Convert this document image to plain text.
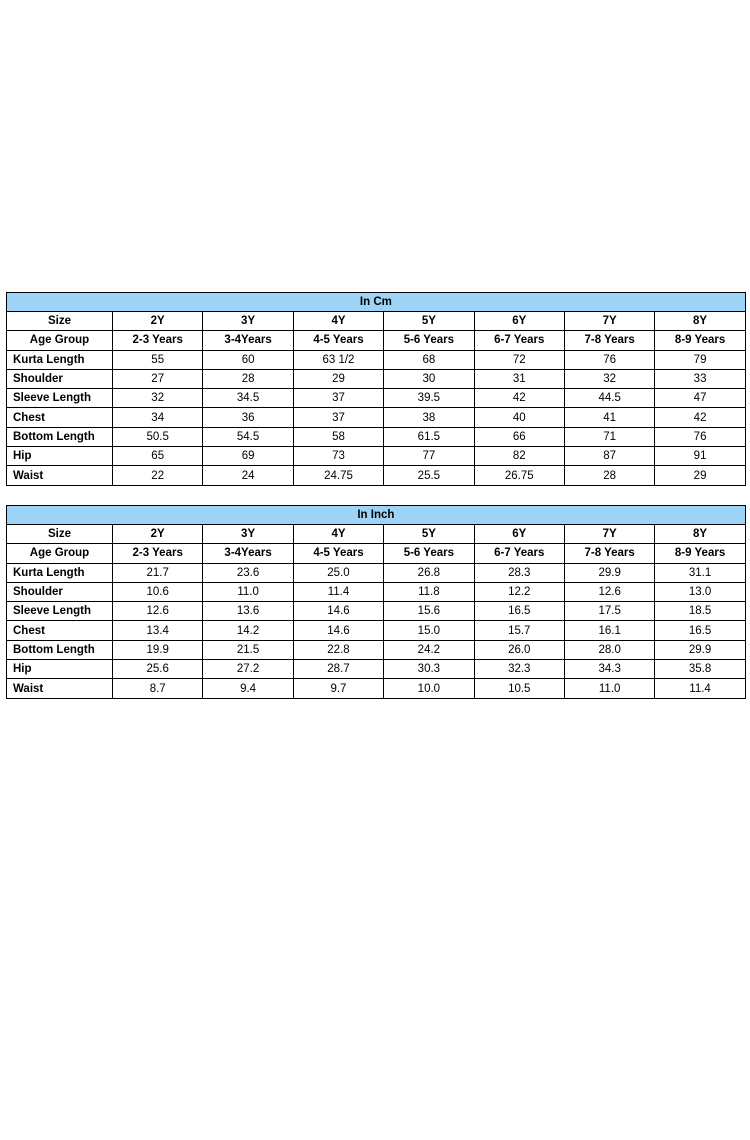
In Cm							
Size	2Y	3Y	4Y	5Y	6Y	7Y	8Y
Age Group	2-3 Years	3-4Years	4-5 Years	5-6 Years	6-7 Years	7-8 Years	8-9 Years
Kurta Length	55	60	63 1/2	68	72	76	79
Shoulder	27	28	29	30	31	32	33
Sleeve Length	32	34.5	37	39.5	42	44.5	47
Chest	34	36	37	38	40	41	42
Bottom Length	50.5	54.5	58	61.5	66	71	76
Hip	65	69	73	77	82	87	91
Waist	22	24	24.75	25.5	26.75	28	29
In Inch							
Size	2Y	3Y	4Y	5Y	6Y	7Y	8Y
Age Group	2-3 Years	3-4Years	4-5 Years	5-6 Years	6-7 Years	7-8 Years	8-9 Years
Kurta Length	21.7	23.6	25.0	26.8	28.3	29.9	31.1
Shoulder	10.6	11.0	11.4	11.8	12.2	12.6	13.0
Sleeve Length	12.6	13.6	14.6	15.6	16.5	17.5	18.5
Chest	13.4	14.2	14.6	15.0	15.7	16.1	16.5
Bottom Length	19.9	21.5	22.8	24.2	26.0	28.0	29.9
Hip	25.6	27.2	28.7	30.3	32.3	34.3	35.8
Waist	8.7	9.4	9.7	10.0	10.5	11.0	11.4
